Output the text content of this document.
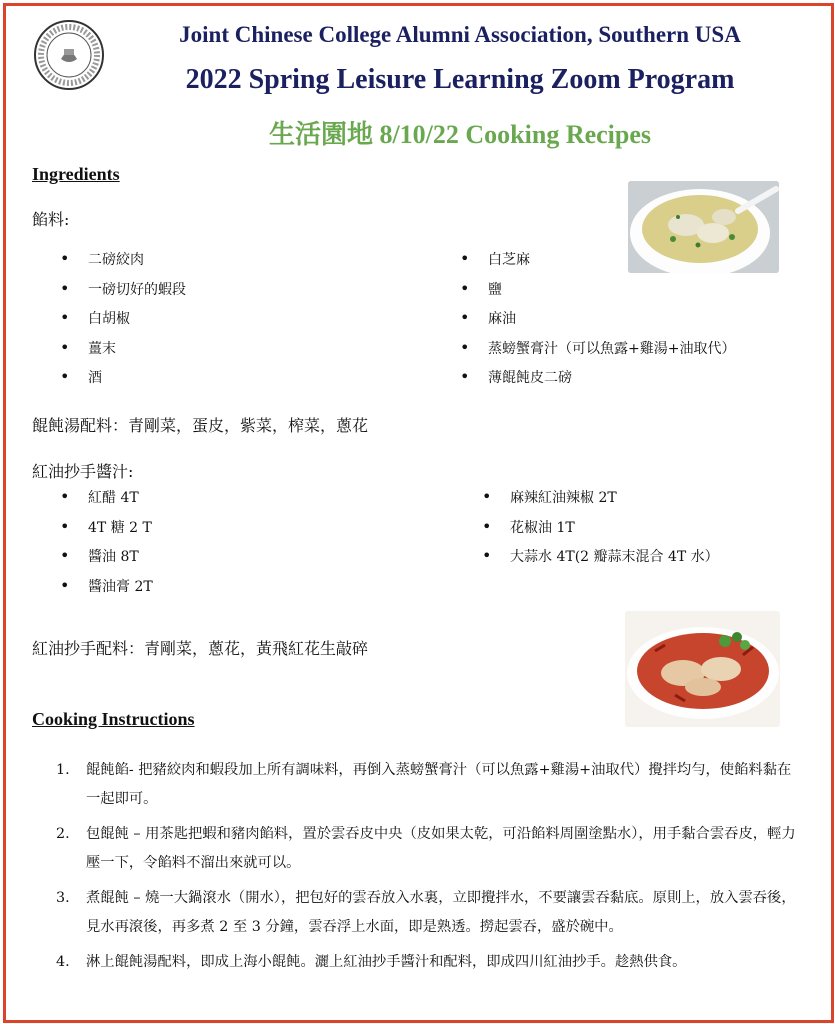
Joint Chinese College Alumni Association, Southern USA
2022 Spring Leisure Learning Zoom Program
生活園地 8/10/22 Cooking Recipes
Ingredients
餡料:
• 二磅絞肉
• 一磅切好的蝦段
• 白胡椒
• 薑末
• 酒
• 白芝麻
• 鹽
• 麻油
• 蒸螃蟹膏汁（可以魚露+雞湯+油取代）
• 薄餛飩皮二磅
餛飩湯配料：青剛菜，蛋皮，紫菜，榨菜，蔥花
紅油抄手醬汁:
• 紅醋 4T
• 4T 糖 2 T
• 醬油 8T
• 醬油膏 2T
• 麻辣紅油辣椒 2T
• 花椒油 1T
• 大蒜水 4T(2 瓣蒜末混合 4T 水）
紅油抄手配料：青剛菜，蔥花，黃飛紅花生敲碎
Cooking Instructions
1. 餛飩餡- 把豬絞肉和蝦段加上所有調味料，再倒入蒸螃蟹膏汁（可以魚露+雞湯+油取代）攪拌均勻，使餡料黏在一起即可。
2. 包餛飩 – 用茶匙把蝦和豬肉餡料，置於雲吞皮中央（皮如果太乾，可沿餡料周圍塗點水），用手黏合雲吞皮，輕力壓一下，令餡料不溜出來就可以。
3. 煮餛飩 – 燒一大鍋滾水（開水），把包好的雲吞放入水裏，立即攪拌水，不要讓雲吞黏底。原則上，放入雲吞後，見水再滾後，再多煮 2 至 3 分鐘，雲吞浮上水面，即是熟透。撈起雲吞，盛於碗中。
4. 淋上餛飩湯配料，即成上海小餛飩。灑上紅油抄手醬汁和配料，即成四川紅油抄手。趁熱供食。
